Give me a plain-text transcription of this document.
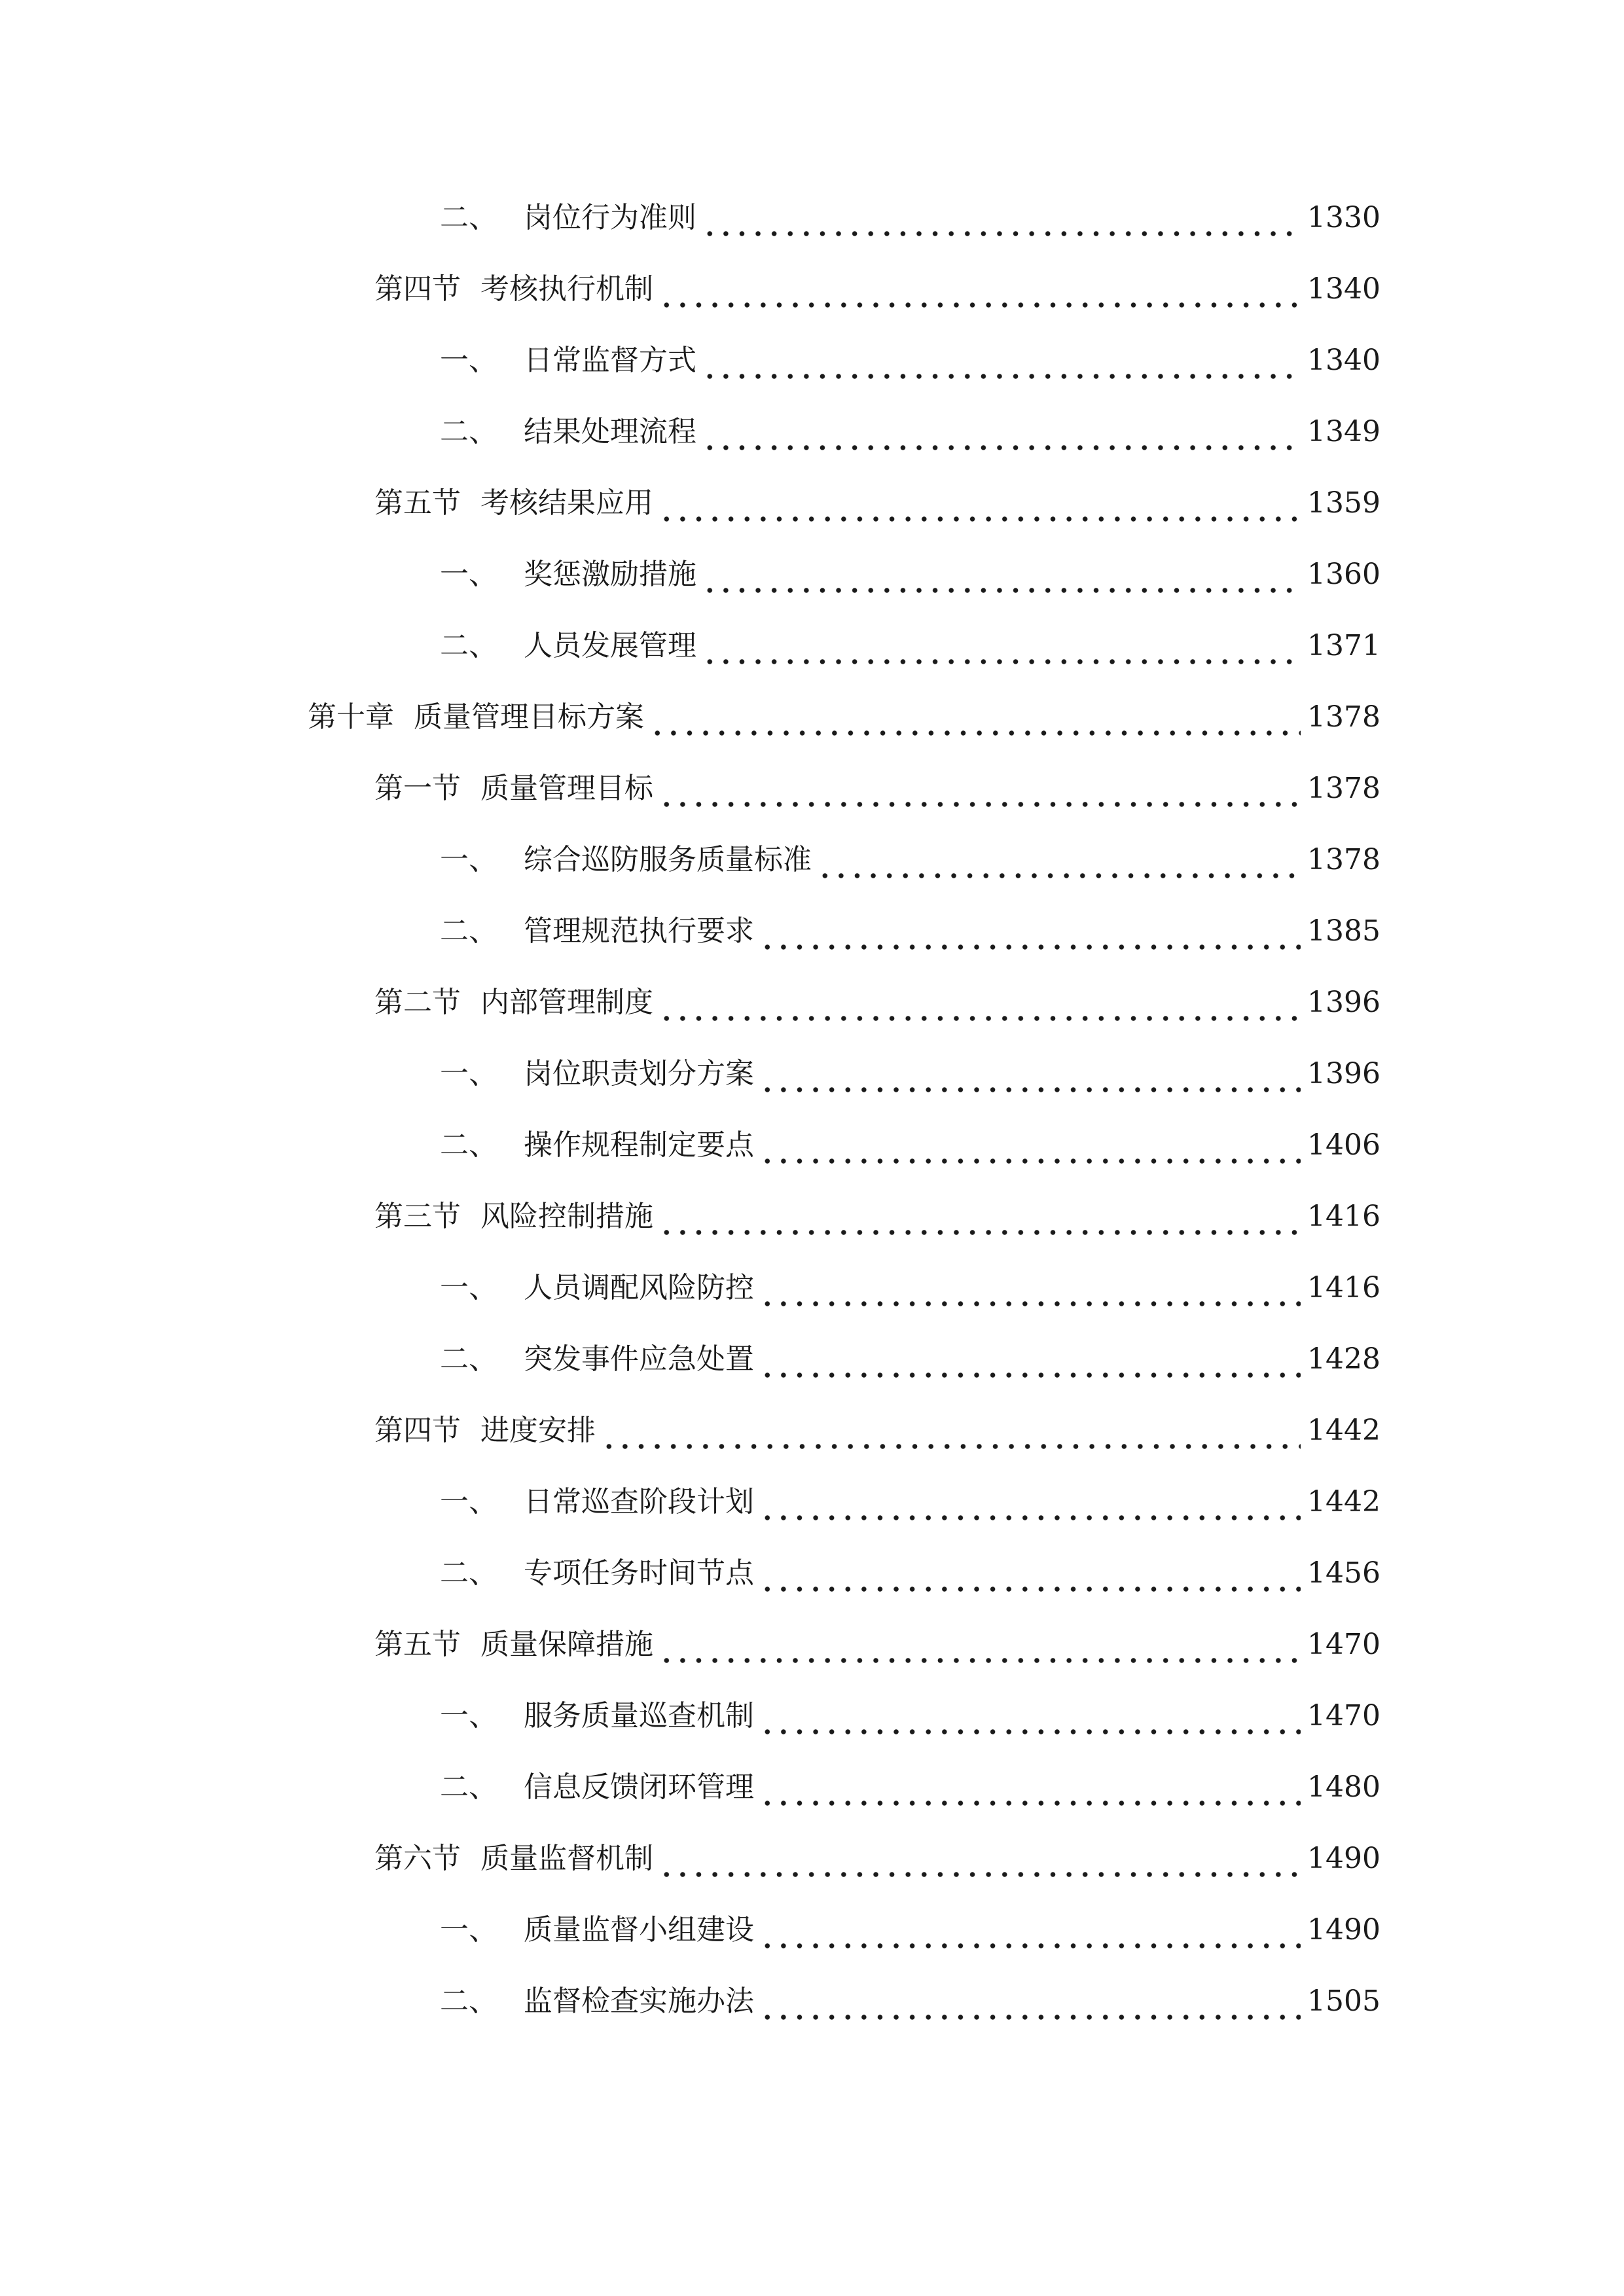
二、 岗位行为准则	1330
第四节 考核执行机制	1340
一、 日常监督方式	1340
二、 结果处理流程	1349
第五节 考核结果应用	1359
一、 奖惩激励措施	1360
二、 人员发展管理	1371
第十章 质量管理目标方案	1378
第一节 质量管理目标	1378
一、 综合巡防服务质量标准	1378
二、 管理规范执行要求	1385
第二节 内部管理制度	1396
一、 岗位职责划分方案	1396
二、 操作规程制定要点	1406
第三节 风险控制措施	1416
一、 人员调配风险防控	1416
二、 突发事件应急处置	1428
第四节 进度安排	1442
一、 日常巡查阶段计划	1442
二、 专项任务时间节点	1456
第五节 质量保障措施	1470
一、 服务质量巡查机制	1470
二、 信息反馈闭环管理	1480
第六节 质量监督机制	1490
一、 质量监督小组建设	1490
二、 监督检查实施办法	1505
